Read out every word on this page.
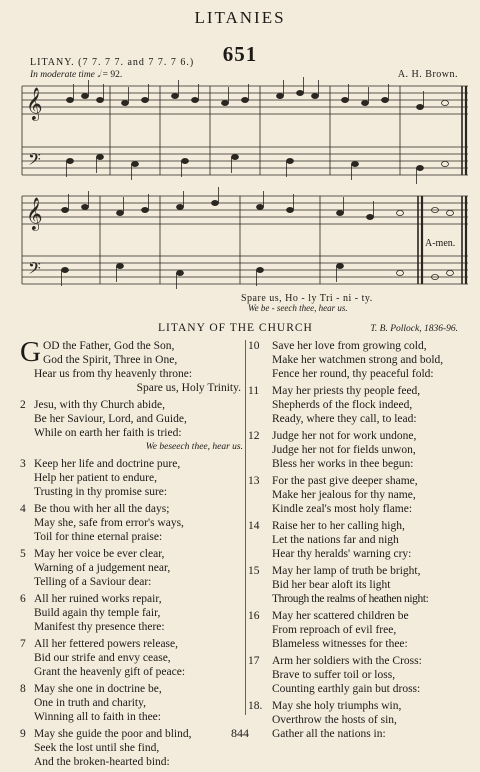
LITANIES
651
LITANY. (7 7. 7 7. and 7 7. 7 6.)
In moderate time 𝅗𝅥 = 92.	A. H. Brown.
𝄞
𝄢
𝄞
𝄢
A-men.
Spare us, Ho - ly Tri - ni - ty.
We be - seech thee, hear us.
LITANY OF THE CHURCH	T. B. Pollock, 1836-96.
G OD the Father, God the Son,
God the Spirit, Three in One,
Hear us from thy heavenly throne:
Spare us, Holy Trinity.
2 Jesu, with thy Church abide,
Be her Saviour, Lord, and Guide,
While on earth her faith is tried:
We beseech thee, hear us.
3 Keep her life and doctrine pure,
Help her patient to endure,
Trusting in thy promise sure:
4 Be thou with her all the days;
May she, safe from error's ways,
Toil for thine eternal praise:
5 May her voice be ever clear,
Warning of a judgement near,
Telling of a Saviour dear:
6 All her ruined works repair,
Build again thy temple fair,
Manifest thy presence there:
7 All her fettered powers release,
Bid our strife and envy cease,
Grant the heavenly gift of peace:
8 May she one in doctrine be,
One in truth and charity,
Winning all to faith in thee:
9 May she guide the poor and blind,
Seek the lost until she find,
And the broken-hearted bind:
10	Save her love from growing cold,
Make her watchmen strong and bold,
Fence her round, thy peaceful fold:
11	May her priests thy people feed,
Shepherds of the flock indeed,
Ready, where they call, to lead:
12	Judge her not for work undone,
Judge her not for fields unwon,
Bless her works in thee begun:
13	For the past give deeper shame,
Make her jealous for thy name,
Kindle zeal's most holy flame:
14	Raise her to her calling high,
Let the nations far and nigh
Hear thy heralds' warning cry:
15	May her lamp of truth be bright,
Bid her bear aloft its light
Through the realms of heathen night:
16	May her scattered children be
From reproach of evil free,
Blameless witnesses for thee:
17	Arm her soldiers with the Cross:
Brave to suffer toil or loss,
Counting earthly gain but dross:
18. May she holy triumphs win,
Overthrow the hosts of sin,
Gather all the nations in:
844
